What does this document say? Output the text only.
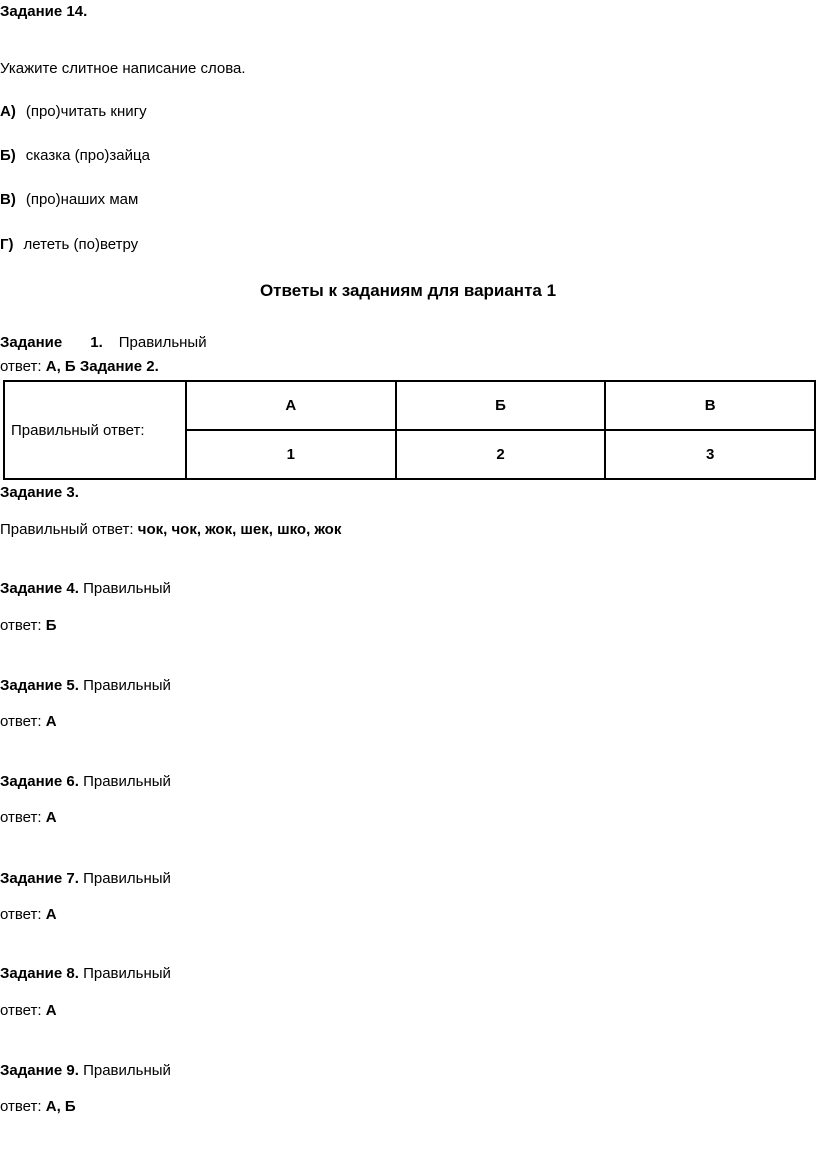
Задание 14.
Укажите слитное написание слова.
А) (про)читать книгу
Б) сказка (про)зайца
В) (про)наших мам
Г) лететь (по)ветру
Ответы к заданиям для варианта 1
Задание 1. Правильный
ответ: А, Б Задание 2.
Правильный ответ:	А	Б	В
	1	2	3
Задание 3.
Правильный ответ: чок, чок, жок, шек, шко, жок
Задание 4. Правильный
ответ: Б
Задание 5. Правильный
ответ: А
Задание 6. Правильный
ответ: А
Задание 7. Правильный
ответ: А
Задание 8. Правильный
ответ: А
Задание 9. Правильный
ответ: А, Б
